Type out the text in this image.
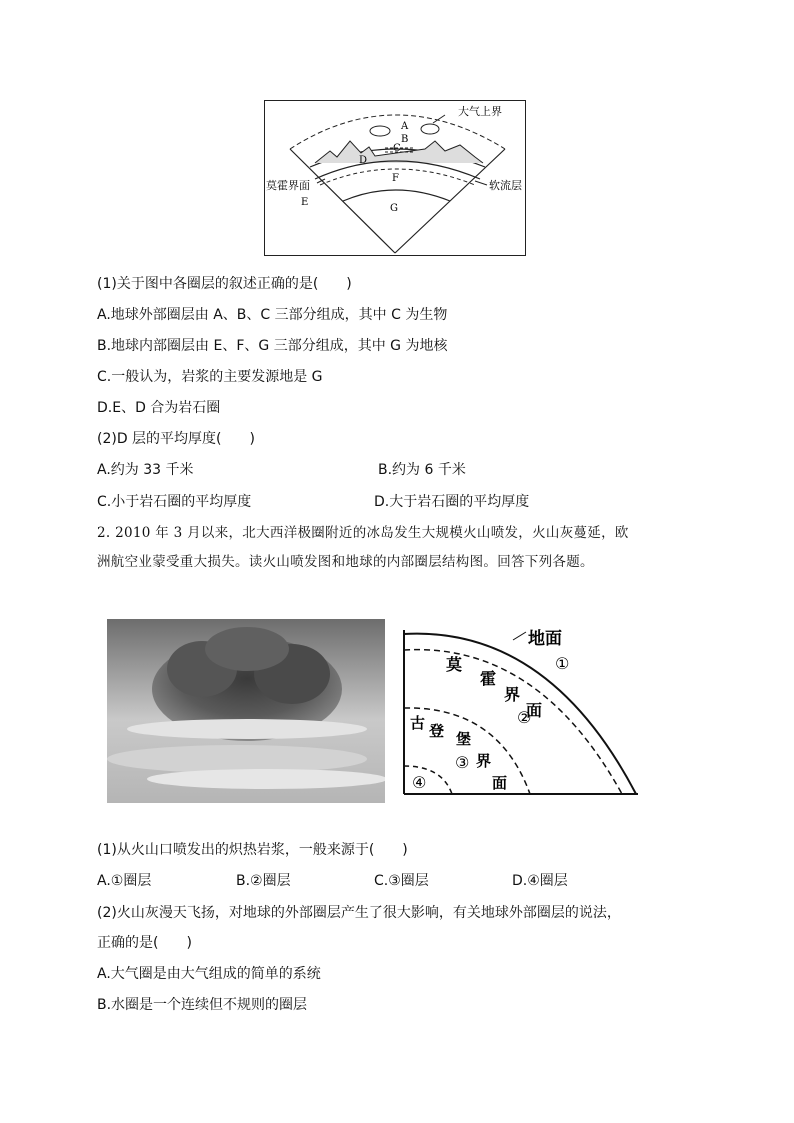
大气上界
A
B
C
D
莫霍界面	软流层
E
F
G
(1)关于图中各圈层的叙述正确的是(　　)
A.地球外部圈层由 A、B、C 三部分组成，其中 C 为生物
B.地球内部圈层由 E、F、G 三部分组成，其中 G 为地核
C.一般认为，岩浆的主要发源地是 G
D.E、D 合为岩石圈
(2)D 层的平均厚度(　　)
A.约为 33 千米	B.约为 6 千米
C.小于岩石圈的平均厚度	D.大于岩石圈的平均厚度
2. 2010 年 3 月以来，北大西洋极圈附近的冰岛发生大规模火山喷发，火山灰蔓延，欧
洲航空业蒙受重大损失。读火山喷发图和地球的内部圈层结构图。回答下列各题。
地面
莫
霍
界
面
①
②
古 登 堡
界
面
③
④
(1)从火山口喷发出的炽热岩浆，一般来源于(　　)
A.①圈层	B.②圈层	C.③圈层	D.④圈层
(2)火山灰漫天飞扬，对地球的外部圈层产生了很大影响，有关地球外部圈层的说法，
正确的是(　　)
A.大气圈是由大气组成的简单的系统
B.水圈是一个连续但不规则的圈层
